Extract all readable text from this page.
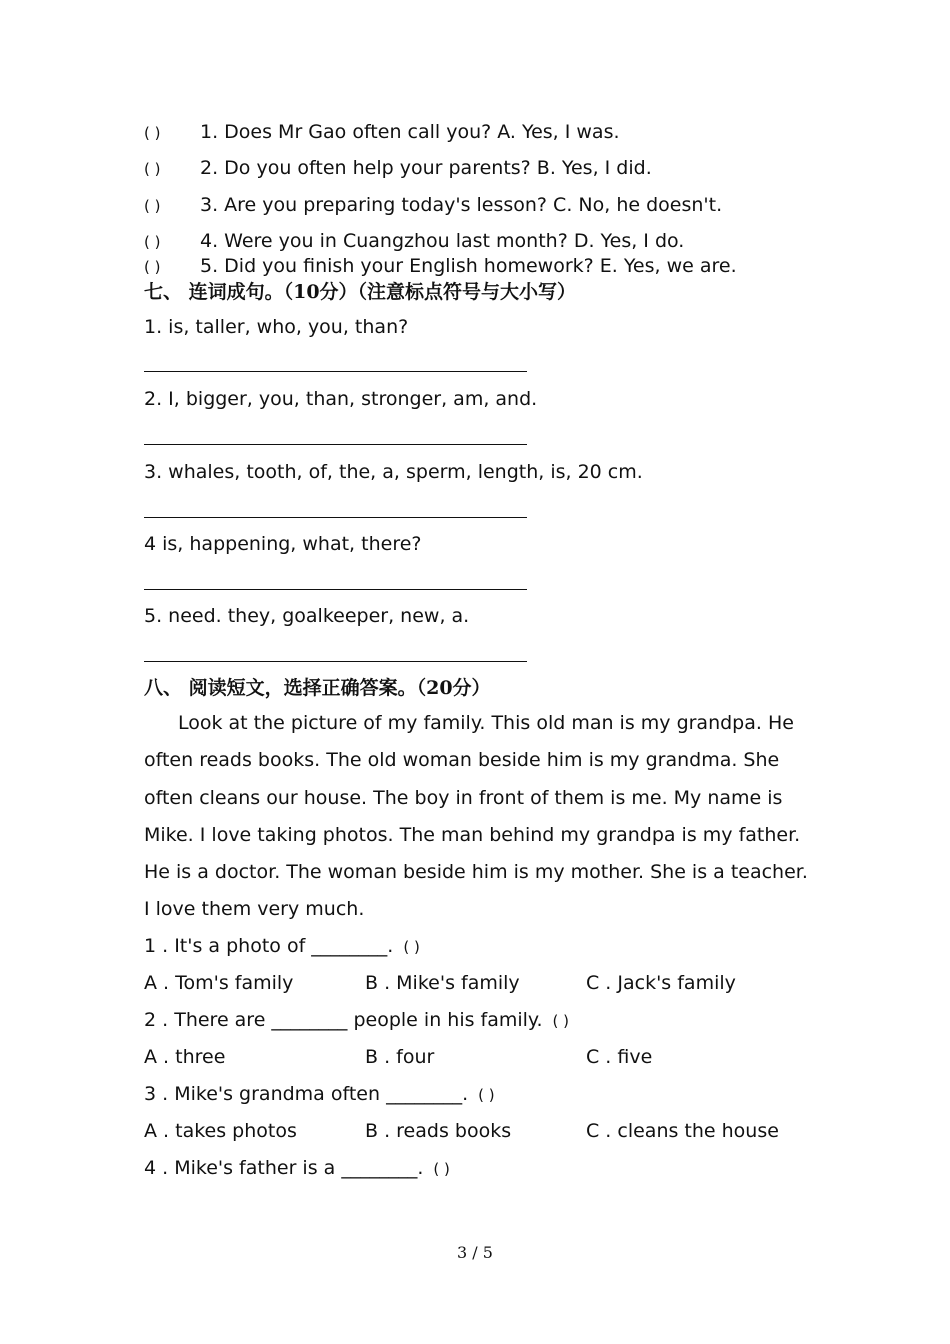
( ) 1. Does Mr Gao often call you? A. Yes, I was.
( ) 2. Do you often help your parents? B. Yes, I did.
( ) 3. Are you preparing today's lesson? C. No, he doesn't.
( ) 4. Were you in Cuangzhou last month? D. Yes, I do.
( ) 5. Did you finish your English homework? E. Yes, we are.
七、 连词成句。（10分）（注意标点符号与大小写）
1. is, taller, who, you, than?
2. I, bigger, you, than, stronger, am, and.
3. whales, tooth, of, the, a, sperm, length, is, 20 cm.
4 is, happening, what, there?
5. need. they, goalkeeper, new, a.
八、 阅读短文，选择正确答案。（20分）
Look at the picture of my family. This old man is my grandpa. He often reads books. The old woman beside him is my grandma. She often cleans our house. The boy in front of them is me. My name is Mike. I love taking photos. The man behind my grandpa is my father. He is a doctor. The woman beside him is my mother. She is a teacher. I love them very much.
1 . It's a photo of ________. ( )
A . Tom's family	B . Mike's family	C . Jack's family
2 . There are ________ people in his family. ( )
A . three	B . four	C . five
3 . Mike's grandma often ________. ( )
A . takes photos	B . reads books	C . cleans the house
4 . Mike's father is a ________. ( )
3 / 5
